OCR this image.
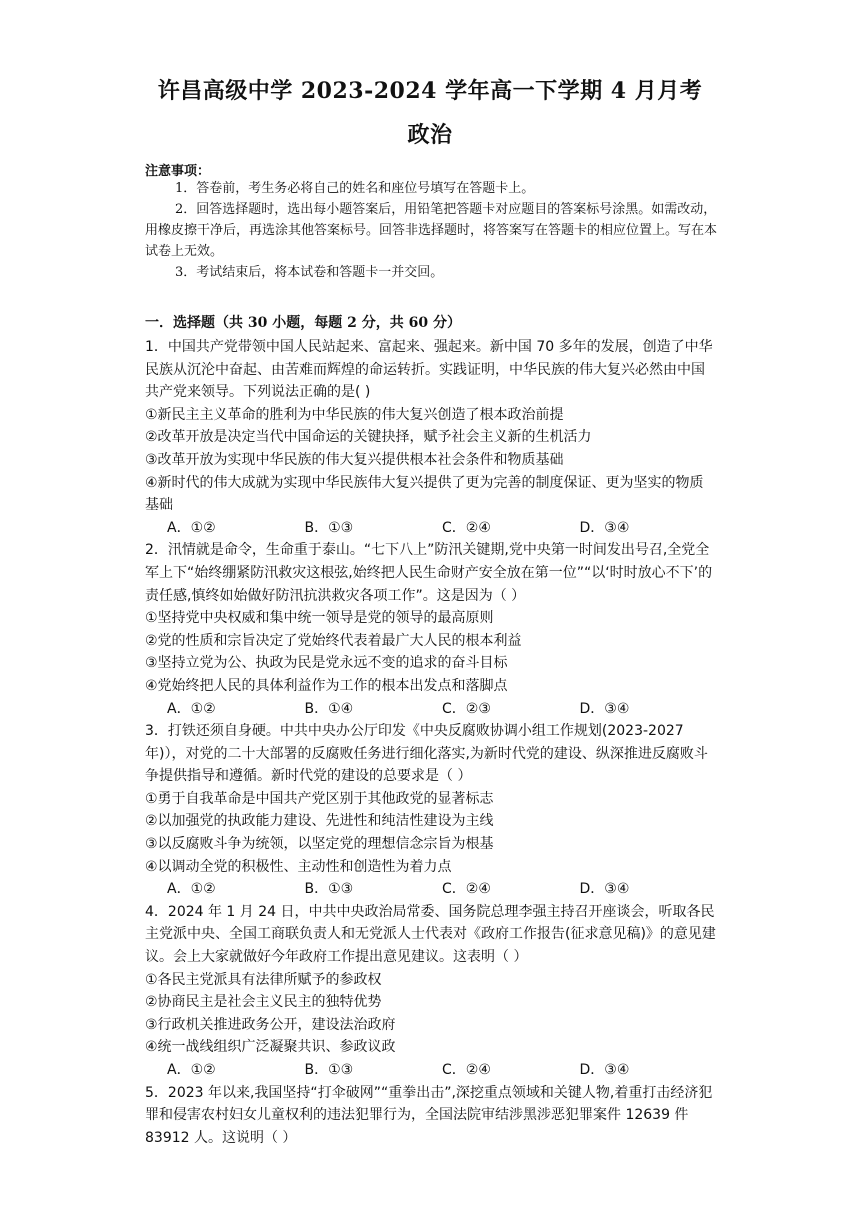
许昌高级中学 2023-2024 学年高一下学期 4 月月考
政治
注意事项：

1．答卷前，考生务必将自己的姓名和座位号填写在答题卡上。

2．回答选择题时，选出每小题答案后，用铅笔把答题卡对应题目的答案标号涂黑。如需改动，用橡皮擦干净后，再选涂其他答案标号。回答非选择题时，将答案写在答题卡的相应位置上。写在本试卷上无效。

3．考试结束后，将本试卷和答题卡一并交回。

一．选择题（共 30 小题，每题 2 分，共 60 分）

1．中国共产党带领中国人民站起来、富起来、强起来。新中国 70 多年的发展，创造了中华民族从沉沦中奋起、由苦难而辉煌的命运转折。实践证明，中华民族的伟大复兴必然由中国共产党来领导。下列说法正确的是( )

①新民主主义革命的胜利为中华民族的伟大复兴创造了根本政治前提

②改革开放是决定当代中国命运的关键抉择，赋予社会主义新的生机活力

③改革开放为实现中华民族的伟大复兴提供根本社会条件和物质基础

④新时代的伟大成就为实现中华民族伟大复兴提供了更为完善的制度保证、更为坚实的物质基础

A．①②	B．①③	C．②④	D．③④

2．汛情就是命令，生命重于泰山。“七下八上”防汛关键期,党中央第一时间发出号召,全党全军上下“始终绷紧防汛救灾这根弦,始终把人民生命财产安全放在第一位”“以‘时时放心不下’的责任感,慎终如始做好防汛抗洪救灾各项工作”。这是因为（ ）

①坚持党中央权威和集中统一领导是党的领导的最高原则

②党的性质和宗旨决定了党始终代表着最广大人民的根本利益

③坚持立党为公、执政为民是党永远不变的追求的奋斗目标

④党始终把人民的具体利益作为工作的根本出发点和落脚点

A．①②	B．①④	C．②③	D．③④

3．打铁还须自身硬。中共中央办公厅印发《中央反腐败协调小组工作规划(2023-2027 年)），对党的二十大部署的反腐败任务进行细化落实,为新时代党的建设、纵深推进反腐败斗争提供指导和遵循。新时代党的建设的总要求是（ ）

①勇于自我革命是中国共产党区别于其他政党的显著标志

②以加强党的执政能力建设、先进性和纯洁性建设为主线

③以反腐败斗争为统领，以坚定党的理想信念宗旨为根基

④以调动全党的积极性、主动性和创造性为着力点

A．①②	B．①③	C．②④	D．③④

4．2024 年 1 月 24 日，中共中央政治局常委、国务院总理李强主持召开座谈会，听取各民主党派中央、全国工商联负责人和无党派人士代表对《政府工作报告(征求意见稿)》的意见建议。会上大家就做好今年政府工作提出意见建议。这表明（ ）

①各民主党派具有法律所赋予的参政权

②协商民主是社会主义民主的独特优势

③行政机关推进政务公开，建设法治政府

④统一战线组织广泛凝聚共识、参政议政

A．①②	B．①③	C．②④	D．③④

5．2023 年以来,我国坚持“打伞破网”“重拳出击”,深挖重点领域和关键人物,着重打击经济犯罪和侵害农村妇女儿童权利的违法犯罪行为，全国法院审结涉黑涉恶犯罪案件 12639 件 83912 人。这说明（ ）
